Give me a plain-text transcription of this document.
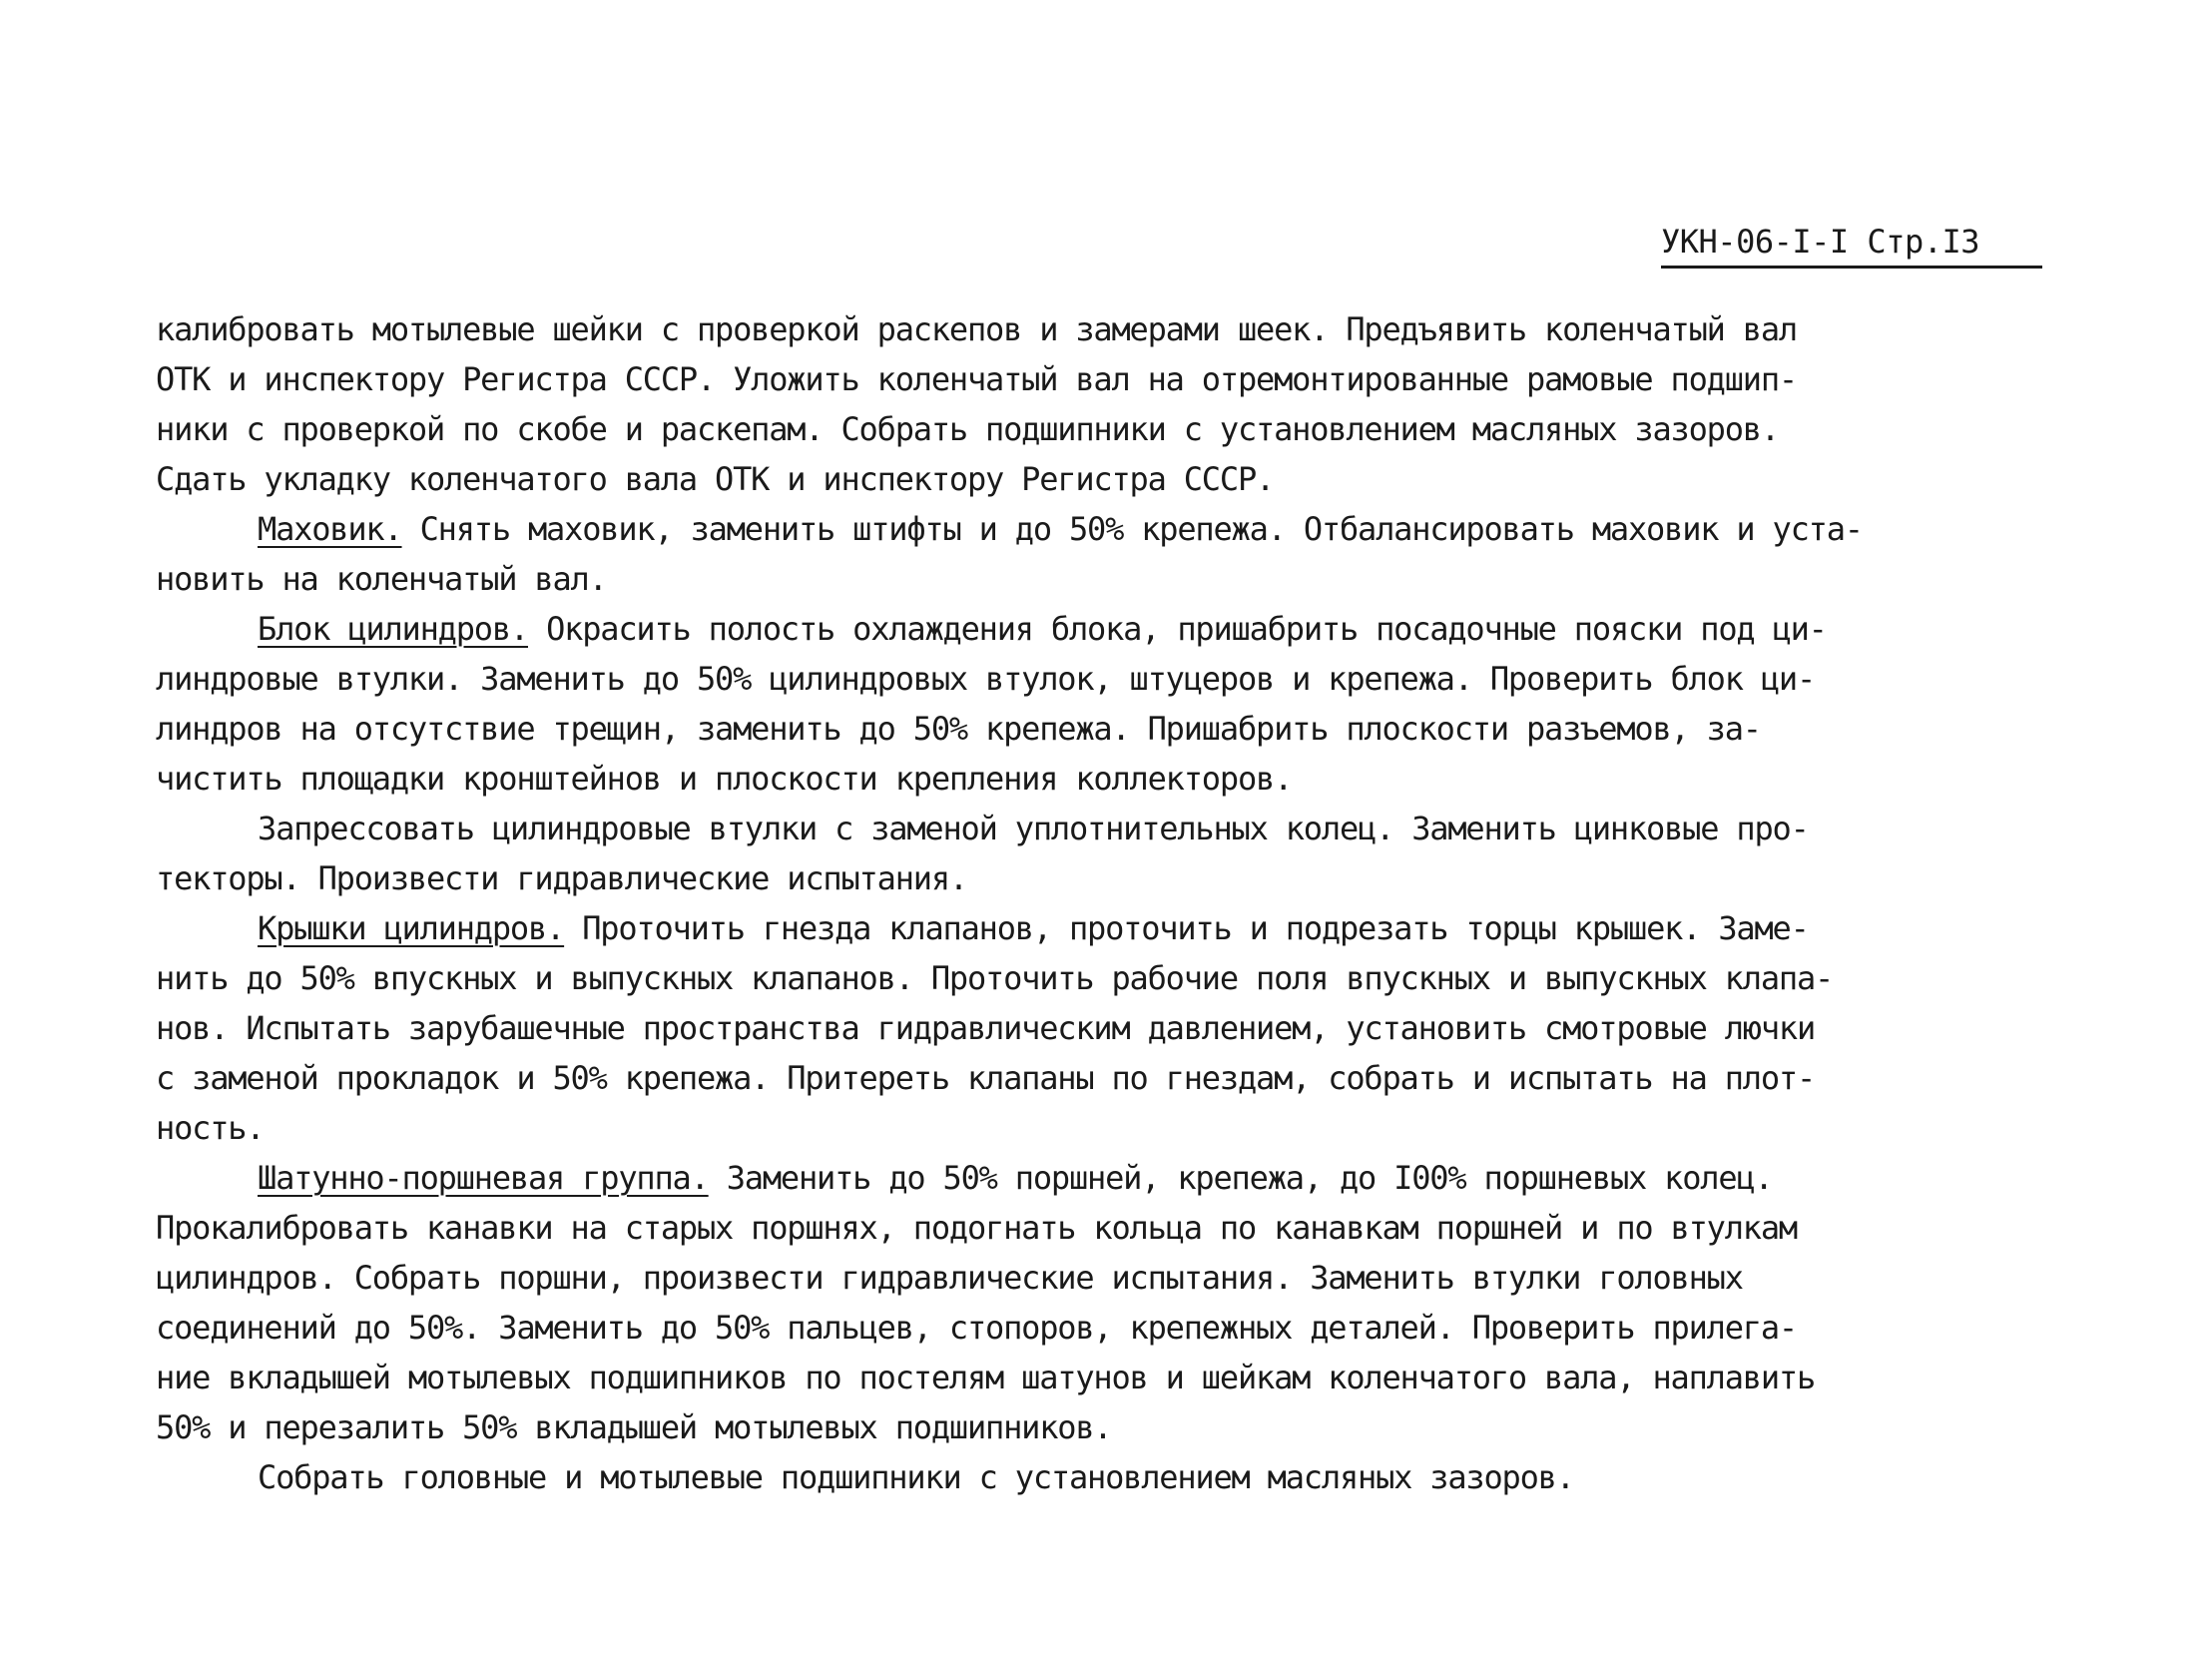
УКН-06-I-I Стр.I3
калибровать мотылевые шейки с проверкой раскепов и замерами шеек. Предъявить коленчатый вал
ОТК и инспектору Регистра СССР. Уложить коленчатый вал на отремонтированные рамовые подшип-
ники с проверкой по скобе и раскепам. Собрать подшипники с установлением масляных зазоров.
Сдать укладку коленчатого вала ОТК и инспектору Регистра СССР.
Маховик. Снять маховик, заменить штифты и до 50% крепежа. Отбалансировать маховик и уста-
новить на коленчатый вал.
Блок цилиндров. Окрасить полость охлаждения блока, пришабрить посадочные пояски под ци-
линдровые втулки. Заменить до 50% цилиндровых втулок, штуцеров и крепежа. Проверить блок ци-
линдров на отсутствие трещин, заменить до 50% крепежа. Пришабрить плоскости разъемов, за-
чистить площадки кронштейнов и плоскости крепления коллекторов.
Запрессовать цилиндровые втулки с заменой уплотнительных колец. Заменить цинковые про-
текторы. Произвести гидравлические испытания.
Крышки цилиндров. Проточить гнезда клапанов, проточить и подрезать торцы крышек. Заме-
нить до 50% впускных и выпускных клапанов. Проточить рабочие поля впускных и выпускных клапа-
нов. Испытать зарубашечные пространства гидравлическим давлением, установить смотровые лючки
с заменой прокладок и 50% крепежа. Притереть клапаны по гнездам, собрать и испытать на плот-
ность.
Шатунно-поршневая группа. Заменить до 50% поршней, крепежа, до I00% поршневых колец.
Прокалибровать канавки на старых поршнях, подогнать кольца по канавкам поршней и по втулкам
цилиндров. Собрать поршни, произвести гидравлические испытания. Заменить втулки головных
соединений до 50%. Заменить до 50% пальцев, стопоров, крепежных деталей. Проверить прилега-
ние вкладышей мотылевых подшипников по постелям шатунов и шейкам коленчатого вала, наплавить
50% и перезалить 50% вкладышей мотылевых подшипников.
Собрать головные и мотылевые подшипники с установлением масляных зазоров.
